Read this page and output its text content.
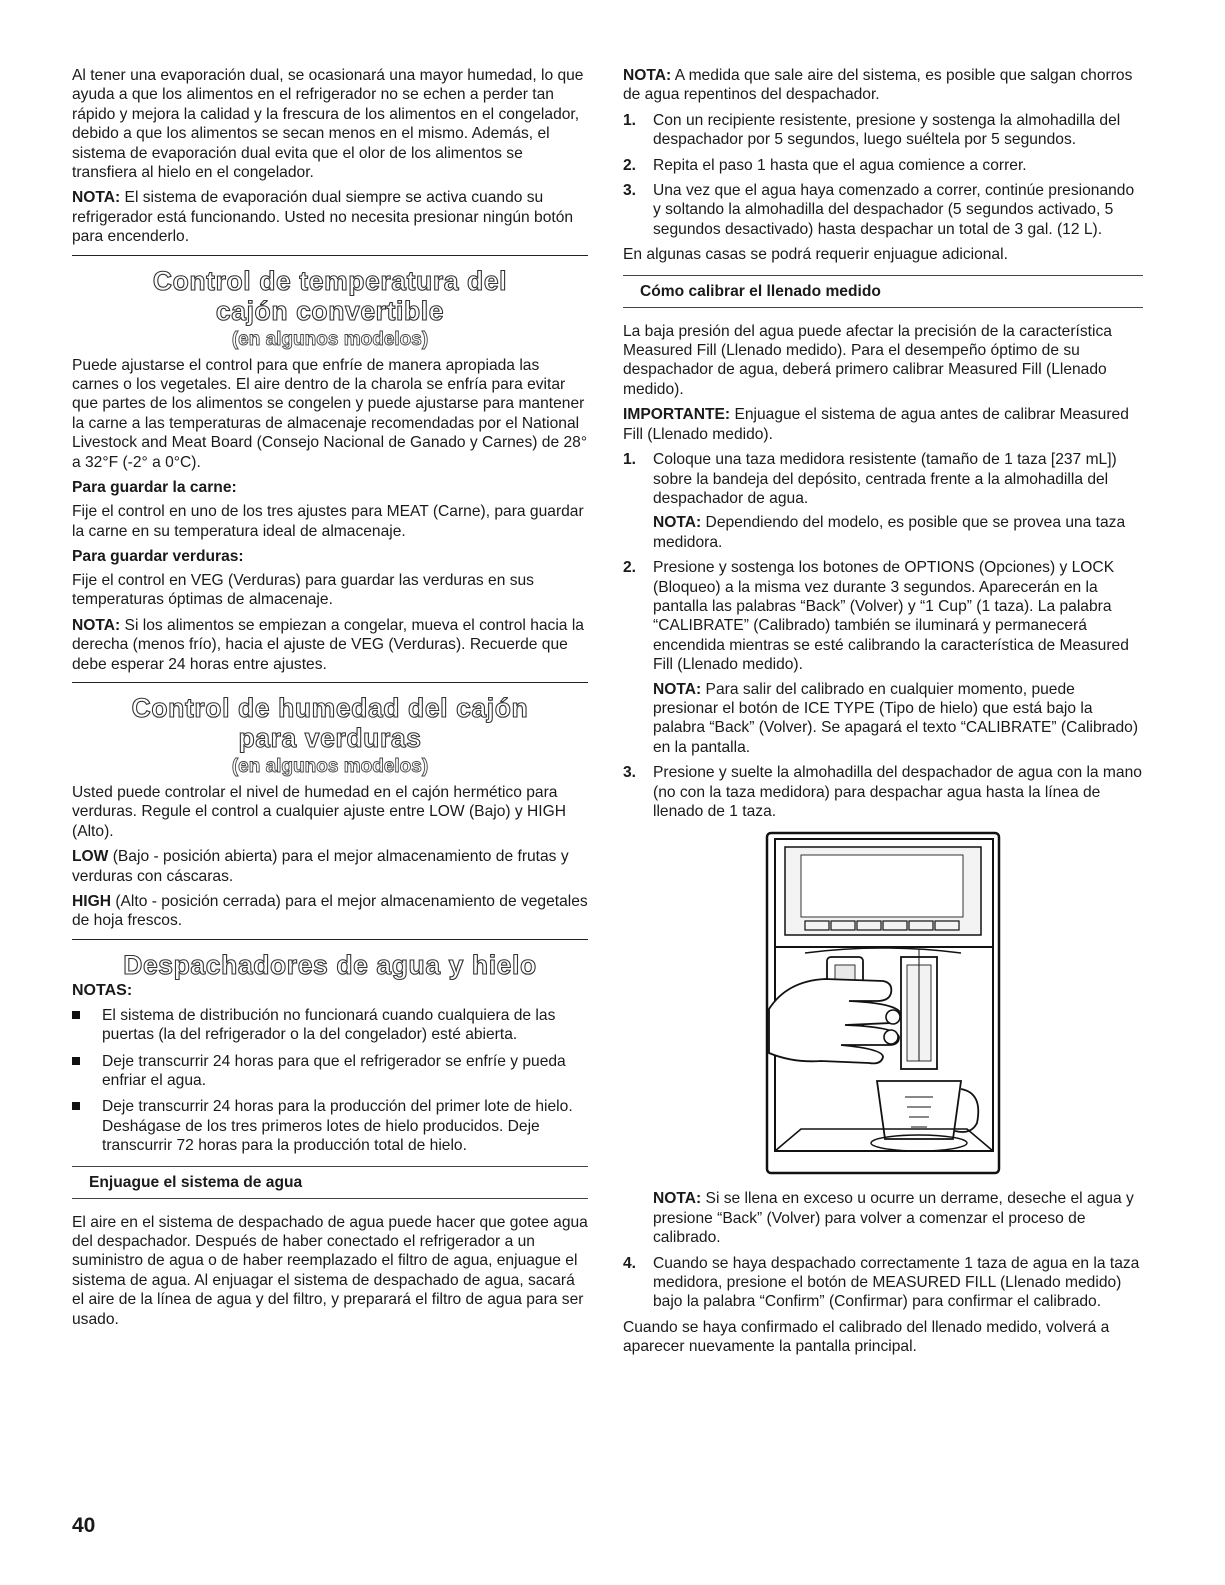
Al tener una evaporación dual, se ocasionará una mayor humedad, lo que ayuda a que los alimentos en el refrigerador no se echen a perder tan rápido y mejora la calidad y la frescura de los alimentos en el congelador, debido a que los alimentos se secan menos en el mismo. Además, el sistema de evaporación dual evita que el olor de los alimentos se transfiera al hielo en el congelador.

NOTA: El sistema de evaporación dual siempre se activa cuando su refrigerador está funcionando. Usted no necesita presionar ningún botón para encenderlo.

Control de temperatura del
cajón convertible
(en algunos modelos)

Puede ajustarse el control para que enfríe de manera apropiada las carnes o los vegetales. El aire dentro de la charola se enfría para evitar que partes de los alimentos se congelen y puede ajustarse para mantener la carne a las temperaturas de almacenaje recomendadas por el National Livestock and Meat Board (Consejo Nacional de Ganado y Carnes) de 28° a 32°F (-2° a 0°C).

Para guardar la carne:

Fije el control en uno de los tres ajustes para MEAT (Carne), para guardar la carne en su temperatura ideal de almacenaje.

Para guardar verduras:

Fije el control en VEG (Verduras) para guardar las verduras en sus temperaturas óptimas de almacenaje.

NOTA: Si los alimentos se empiezan a congelar, mueva el control hacia la derecha (menos frío), hacia el ajuste de VEG (Verduras). Recuerde que debe esperar 24 horas entre ajustes.

Control de humedad del cajón
para verduras
(en algunos modelos)

Usted puede controlar el nivel de humedad en el cajón hermético para verduras. Regule el control a cualquier ajuste entre LOW (Bajo) y HIGH (Alto).

LOW (Bajo - posición abierta) para el mejor almacenamiento de frutas y verduras con cáscaras.

HIGH (Alto - posición cerrada) para el mejor almacenamiento de vegetales de hoja frescos.

Despachadores de agua y hielo
NOTAS:
El sistema de distribución no funcionará cuando cualquiera de las puertas (la del refrigerador o la del congelador) esté abierta.
Deje transcurrir 24 horas para que el refrigerador se enfríe y pueda enfriar el agua.
Deje transcurrir 24 horas para la producción del primer lote de hielo. Deshágase de los tres primeros lotes de hielo producidos. Deje transcurrir 72 horas para la producción total de hielo.
Enjuague el sistema de agua

El aire en el sistema de despachado de agua puede hacer que gotee agua del despachador. Después de haber conectado el refrigerador a un suministro de agua o de haber reemplazado el filtro de agua, enjuague el sistema de agua. Al enjuagar el sistema de despachado de agua, sacará el aire de la línea de agua y del filtro, y preparará el filtro de agua para ser usado.

NOTA: A medida que sale aire del sistema, es posible que salgan chorros de agua repentinos del despachador.

1. Con un recipiente resistente, presione y sostenga la almohadilla del despachador por 5 segundos, luego suéltela por 5 segundos.
2. Repita el paso 1 hasta que el agua comience a correr.
3. Una vez que el agua haya comenzado a correr, continúe presionando y soltando la almohadilla del despachador (5 segundos activado, 5 segundos desactivado) hasta despachar un total de 3 gal. (12 L).

En algunas casas se podrá requerir enjuague adicional.

Cómo calibrar el llenado medido

La baja presión del agua puede afectar la precisión de la característica Measured Fill (Llenado medido). Para el desempeño óptimo de su despachador de agua, deberá primero calibrar Measured Fill (Llenado medido).

IMPORTANTE: Enjuague el sistema de agua antes de calibrar Measured Fill (Llenado medido).

1. Coloque una taza medidora resistente (tamaño de 1 taza [237 mL]) sobre la bandeja del depósito, centrada frente a la almohadilla del despachador de agua.

NOTA: Dependiendo del modelo, es posible que se provea una taza medidora.

2. Presione y sostenga los botones de OPTIONS (Opciones) y LOCK (Bloqueo) a la misma vez durante 3 segundos. Aparecerán en la pantalla las palabras “Back” (Volver) y “1 Cup” (1 taza). La palabra “CALIBRATE” (Calibrado) también se iluminará y permanecerá encendida mientras se esté calibrando la característica de Measured Fill (Llenado medido).

NOTA: Para salir del calibrado en cualquier momento, puede presionar el botón de ICE TYPE (Tipo de hielo) que está bajo la palabra “Back” (Volver). Se apagará el texto “CALIBRATE” (Calibrado) en la pantalla.

3. Presione y suelte la almohadilla del despachador de agua con la mano (no con la taza medidora) para despachar agua hasta la línea de llenado de 1 taza.

NOTA: Si se llena en exceso u ocurre un derrame, deseche el agua y presione “Back” (Volver) para volver a comenzar el proceso de calibrado.

4. Cuando se haya despachado correctamente 1 taza de agua en la taza medidora, presione el botón de MEASURED FILL (Llenado medido) bajo la palabra “Confirm” (Confirmar) para confirmar el calibrado.

Cuando se haya confirmado el calibrado del llenado medido, volverá a aparecer nuevamente la pantalla principal.

40
